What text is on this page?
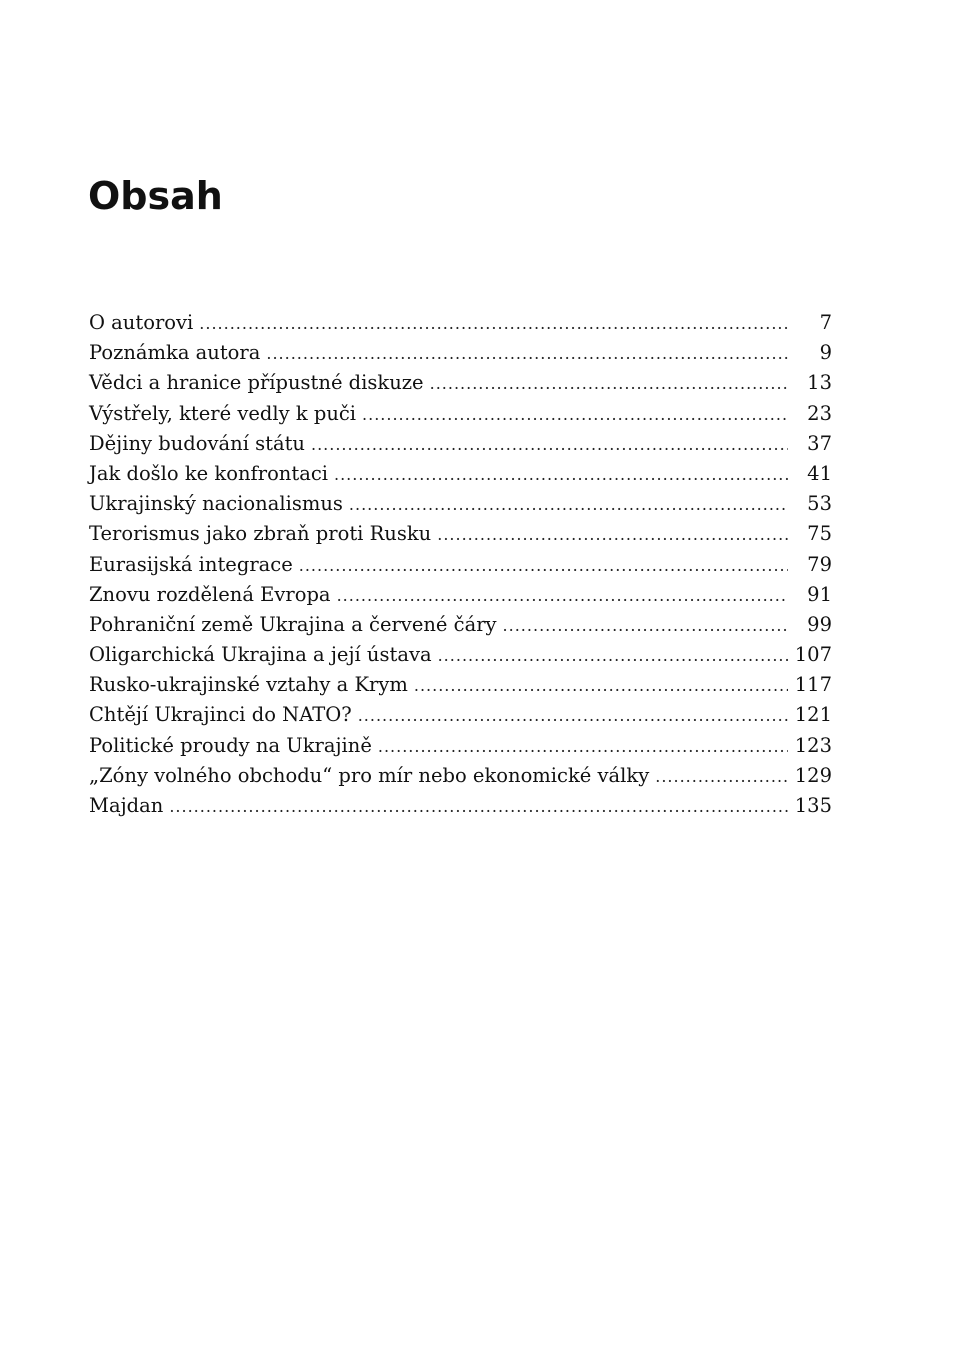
Obsah
O autorovi .....	7
Poznámka autora .....	9
Vědci a hranice přípustné diskuze .....	13
Výstřely, které vedly k puči .....	23
Dějiny budování státu .....	37
Jak došlo ke konfrontaci .....	41
Ukrajinský nacionalismus .....	53
Terorismus jako zbraň proti Rusku .....	75
Eurasijská integrace .....	79
Znovu rozdělená Evropa .....	91
Pohraniční země Ukrajina a červené čáry .....	99
Oligarchická Ukrajina a její ústava .....	107
Rusko-ukrajinské vztahy a Krym .....	117
Chtějí Ukrajinci do NATO? .....	121
Politické proudy na Ukrajině .....	123
„Zóny volného obchodu“ pro mír nebo ekonomické války .....	129
Majdan .....	135
